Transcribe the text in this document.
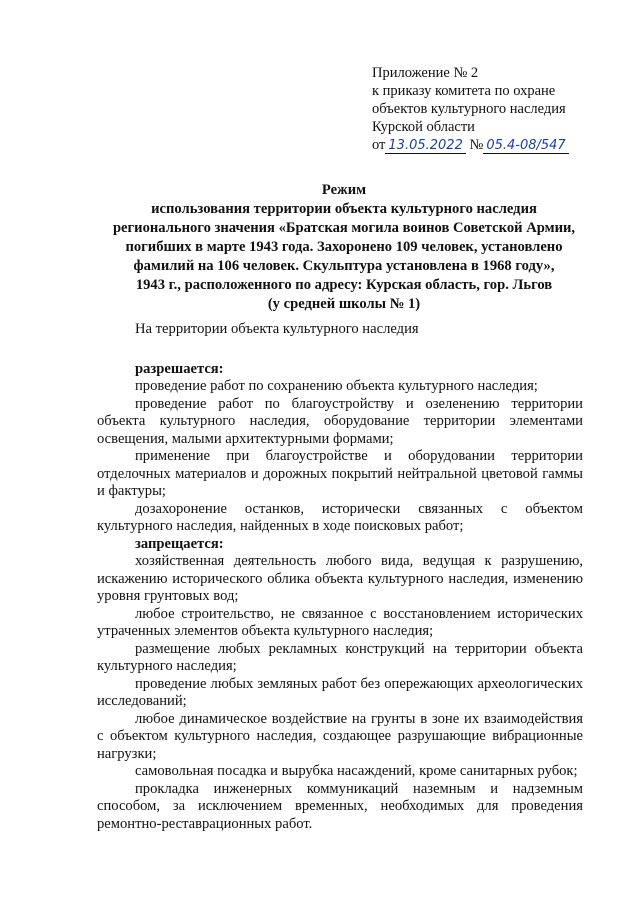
Приложение № 2
к приказу комитета по охране
объектов культурного наследия
Курской области
от 13.05.2022 № 05.4-08/547
Режим
использования территории объекта культурного наследия
регионального значения «Братская могила воинов Советской Армии,
погибших в марте 1943 года. Захоронено 109 человек, установлено
фамилий на 106 человек. Скульптура установлена в 1968 году»,
1943 г., расположенного по адресу: Курская область, гор. Льгов
(у средней школы № 1)

На территории объекта культурного наследия

разрешается:

проведение работ по сохранению объекта культурного наследия;

проведение работ по благоустройству и озеленению территории объекта культурного наследия, оборудование территории элементами освещения, малыми архитектурными формами;

применение при благоустройстве и оборудовании территории отделочных материалов и дорожных покрытий нейтральной цветовой гаммы и фактуры;

дозахоронение останков, исторически связанных с объектом культурного наследия, найденных в ходе поисковых работ;

запрещается:

хозяйственная деятельность любого вида, ведущая к разрушению, искажению исторического облика объекта культурного наследия, изменению уровня грунтовых вод;

любое строительство, не связанное с восстановлением исторических утраченных элементов объекта культурного наследия;

размещение любых рекламных конструкций на территории объекта культурного наследия;

проведение любых земляных работ без опережающих археологических исследований;

любое динамическое воздействие на грунты в зоне их взаимодействия с объектом культурного наследия, создающее разрушающие вибрационные нагрузки;

самовольная посадка и вырубка насаждений, кроме санитарных рубок;

прокладка инженерных коммуникаций наземным и надземным способом, за исключением временных, необходимых для проведения ремонтно-реставрационных работ.
